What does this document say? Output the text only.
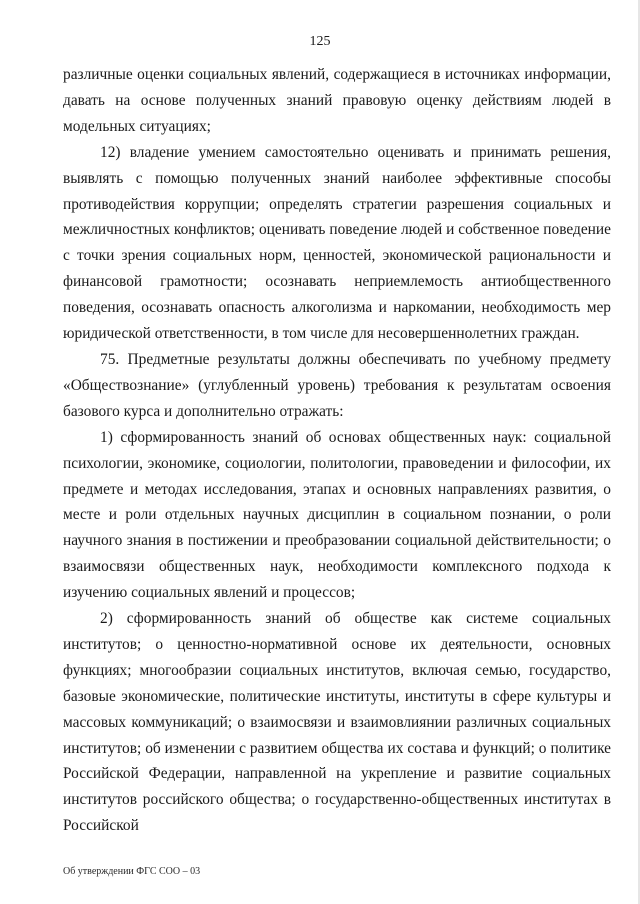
125

различные оценки социальных явлений, содержащиеся в источниках информации, давать на основе полученных знаний правовую оценку действиям людей в модельных ситуациях;

12) владение умением самостоятельно оценивать и принимать решения, выявлять с помощью полученных знаний наиболее эффективные способы противодействия коррупции; определять стратегии разрешения социальных и межличностных конфликтов; оценивать поведение людей и собственное поведение с точки зрения социальных норм, ценностей, экономической рациональности и финансовой грамотности; осознавать неприемлемость антиобщественного поведения, осознавать опасность алкоголизма и наркомании, необходимость мер юридической ответственности, в том числе для несовершеннолетних граждан.

75. Предметные результаты должны обеспечивать по учебному предмету «Обществознание» (углубленный уровень) требования к результатам освоения базового курса и дополнительно отражать:

1) сформированность знаний об основах общественных наук: социальной психологии, экономике, социологии, политологии, правоведении и философии, их предмете и методах исследования, этапах и основных направлениях развития, о месте и роли отдельных научных дисциплин в социальном познании, о роли научного знания в постижении и преобразовании социальной действительности; о взаимосвязи общественных наук, необходимости комплексного подхода к изучению социальных явлений и процессов;

2) сформированность знаний об обществе как системе социальных институтов; о ценностно-нормативной основе их деятельности, основных функциях; многообразии социальных институтов, включая семью, государство, базовые экономические, политические институты, институты в сфере культуры и массовых коммуникаций; о взаимосвязи и взаимовлиянии различных социальных институтов; об изменении с развитием общества их состава и функций; о политике Российской Федерации, направленной на укрепление и развитие социальных институтов российского общества; о государственно-общественных институтах в Российской

Об утверждении ФГС СОО – 03
